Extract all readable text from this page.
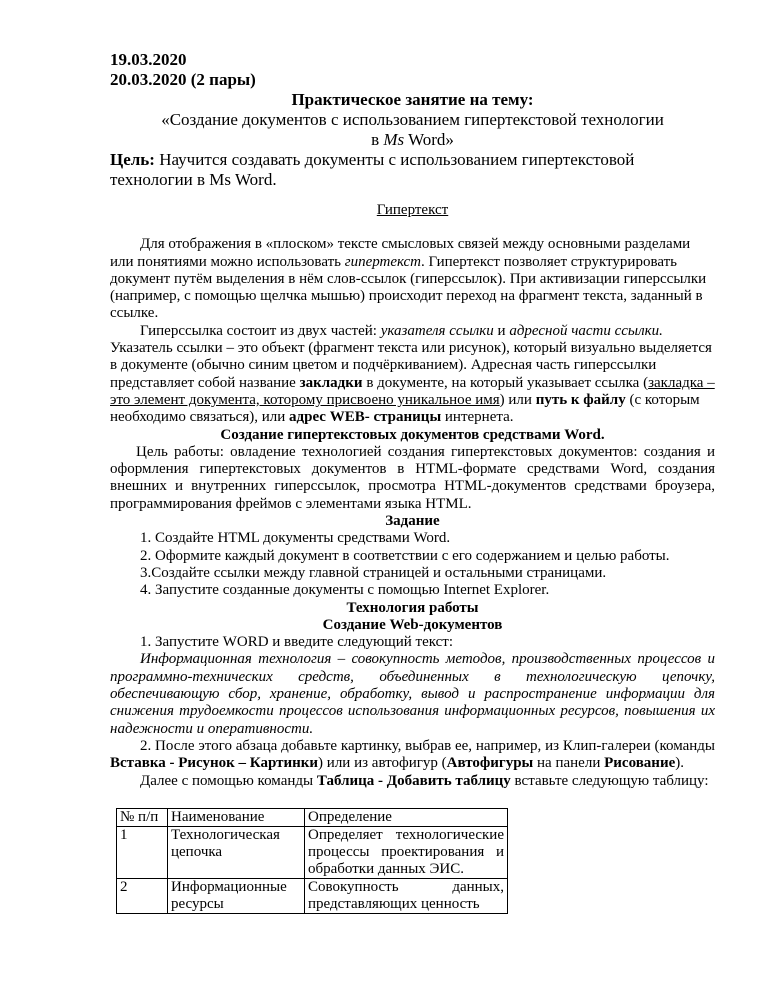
19.03.2020

20.03.2020 (2 пары)

Практическое занятие на тему:

«Создание документов с использованием гипертекстовой технологии

в Ms Word»

Цель: Научится создавать документы с использованием гипертекстовой технологии в Ms Word.

Гипертекст

Для отображения в «плоском» тексте смысловых связей между основными разделами или понятиями можно использовать гипертекст. Гипертекст позволяет структурировать документ путём выделения в нём слов-ссылок (гиперссылок). При активизации гиперссылки (например, с помощью щелчка мышью) происходит переход на фрагмент текста, заданный в ссылке.

Гиперссылка состоит из двух частей: указателя ссылки и адресной части ссылки. Указатель ссылки – это объект (фрагмент текста или рисунок), который визуально выделяется в документе (обычно синим цветом и подчёркиванием). Адресная часть гиперссылки представляет собой название закладки в документе, на который указывает ссылка (закладка – это элемент документа, которому присвоено уникальное имя) или путь к файлу (с которым необходимо связаться), или адрес WEB- страницы интернета.

Создание гипертекстовых документов средствами Word.

Цель работы: овладение технологией создания гипертекстовых документов: создания и оформления гипертекстовых документов в HTML-формате средствами Word, создания внешних и внутренних гиперссылок, просмотра HTML-документов средствами броузера, программирования фреймов с элементами языка HTML.

Задание

1. Создайте HTML документы средствами Word.

2. Оформите каждый документ в соответствии с его содержанием и целью работы.

3.Создайте ссылки между главной страницей и остальными страницами.

4. Запустите созданные документы с помощью Internet Explorer.

Технология работы

Создание Web-документов

1. Запустите WORD и введите следующий текст:

Информационная технология – совокупность методов, производственных процессов и программно-технических средств, объединенных в технологическую цепочку, обеспечивающую сбор, хранение, обработку, вывод и распространение информации для снижения трудоемкости процессов использования информационных ресурсов, повышения их надежности и оперативности.

2. После этого абзаца добавьте картинку, выбрав ее, например, из Клип-галереи (команды Вставка - Рисунок – Картинки) или из автофигур (Автофигуры на панели Рисование).

Далее с помощью команды Таблица - Добавить таблицу вставьте следующую таблицу:

№ п/п	Наименование	Определение
1	Технологическая цепочка	Определяет технологические процессы проектирования и обработки данных ЭИС.
2	Информационные ресурсы	Совокупность данных, представляющих ценность
